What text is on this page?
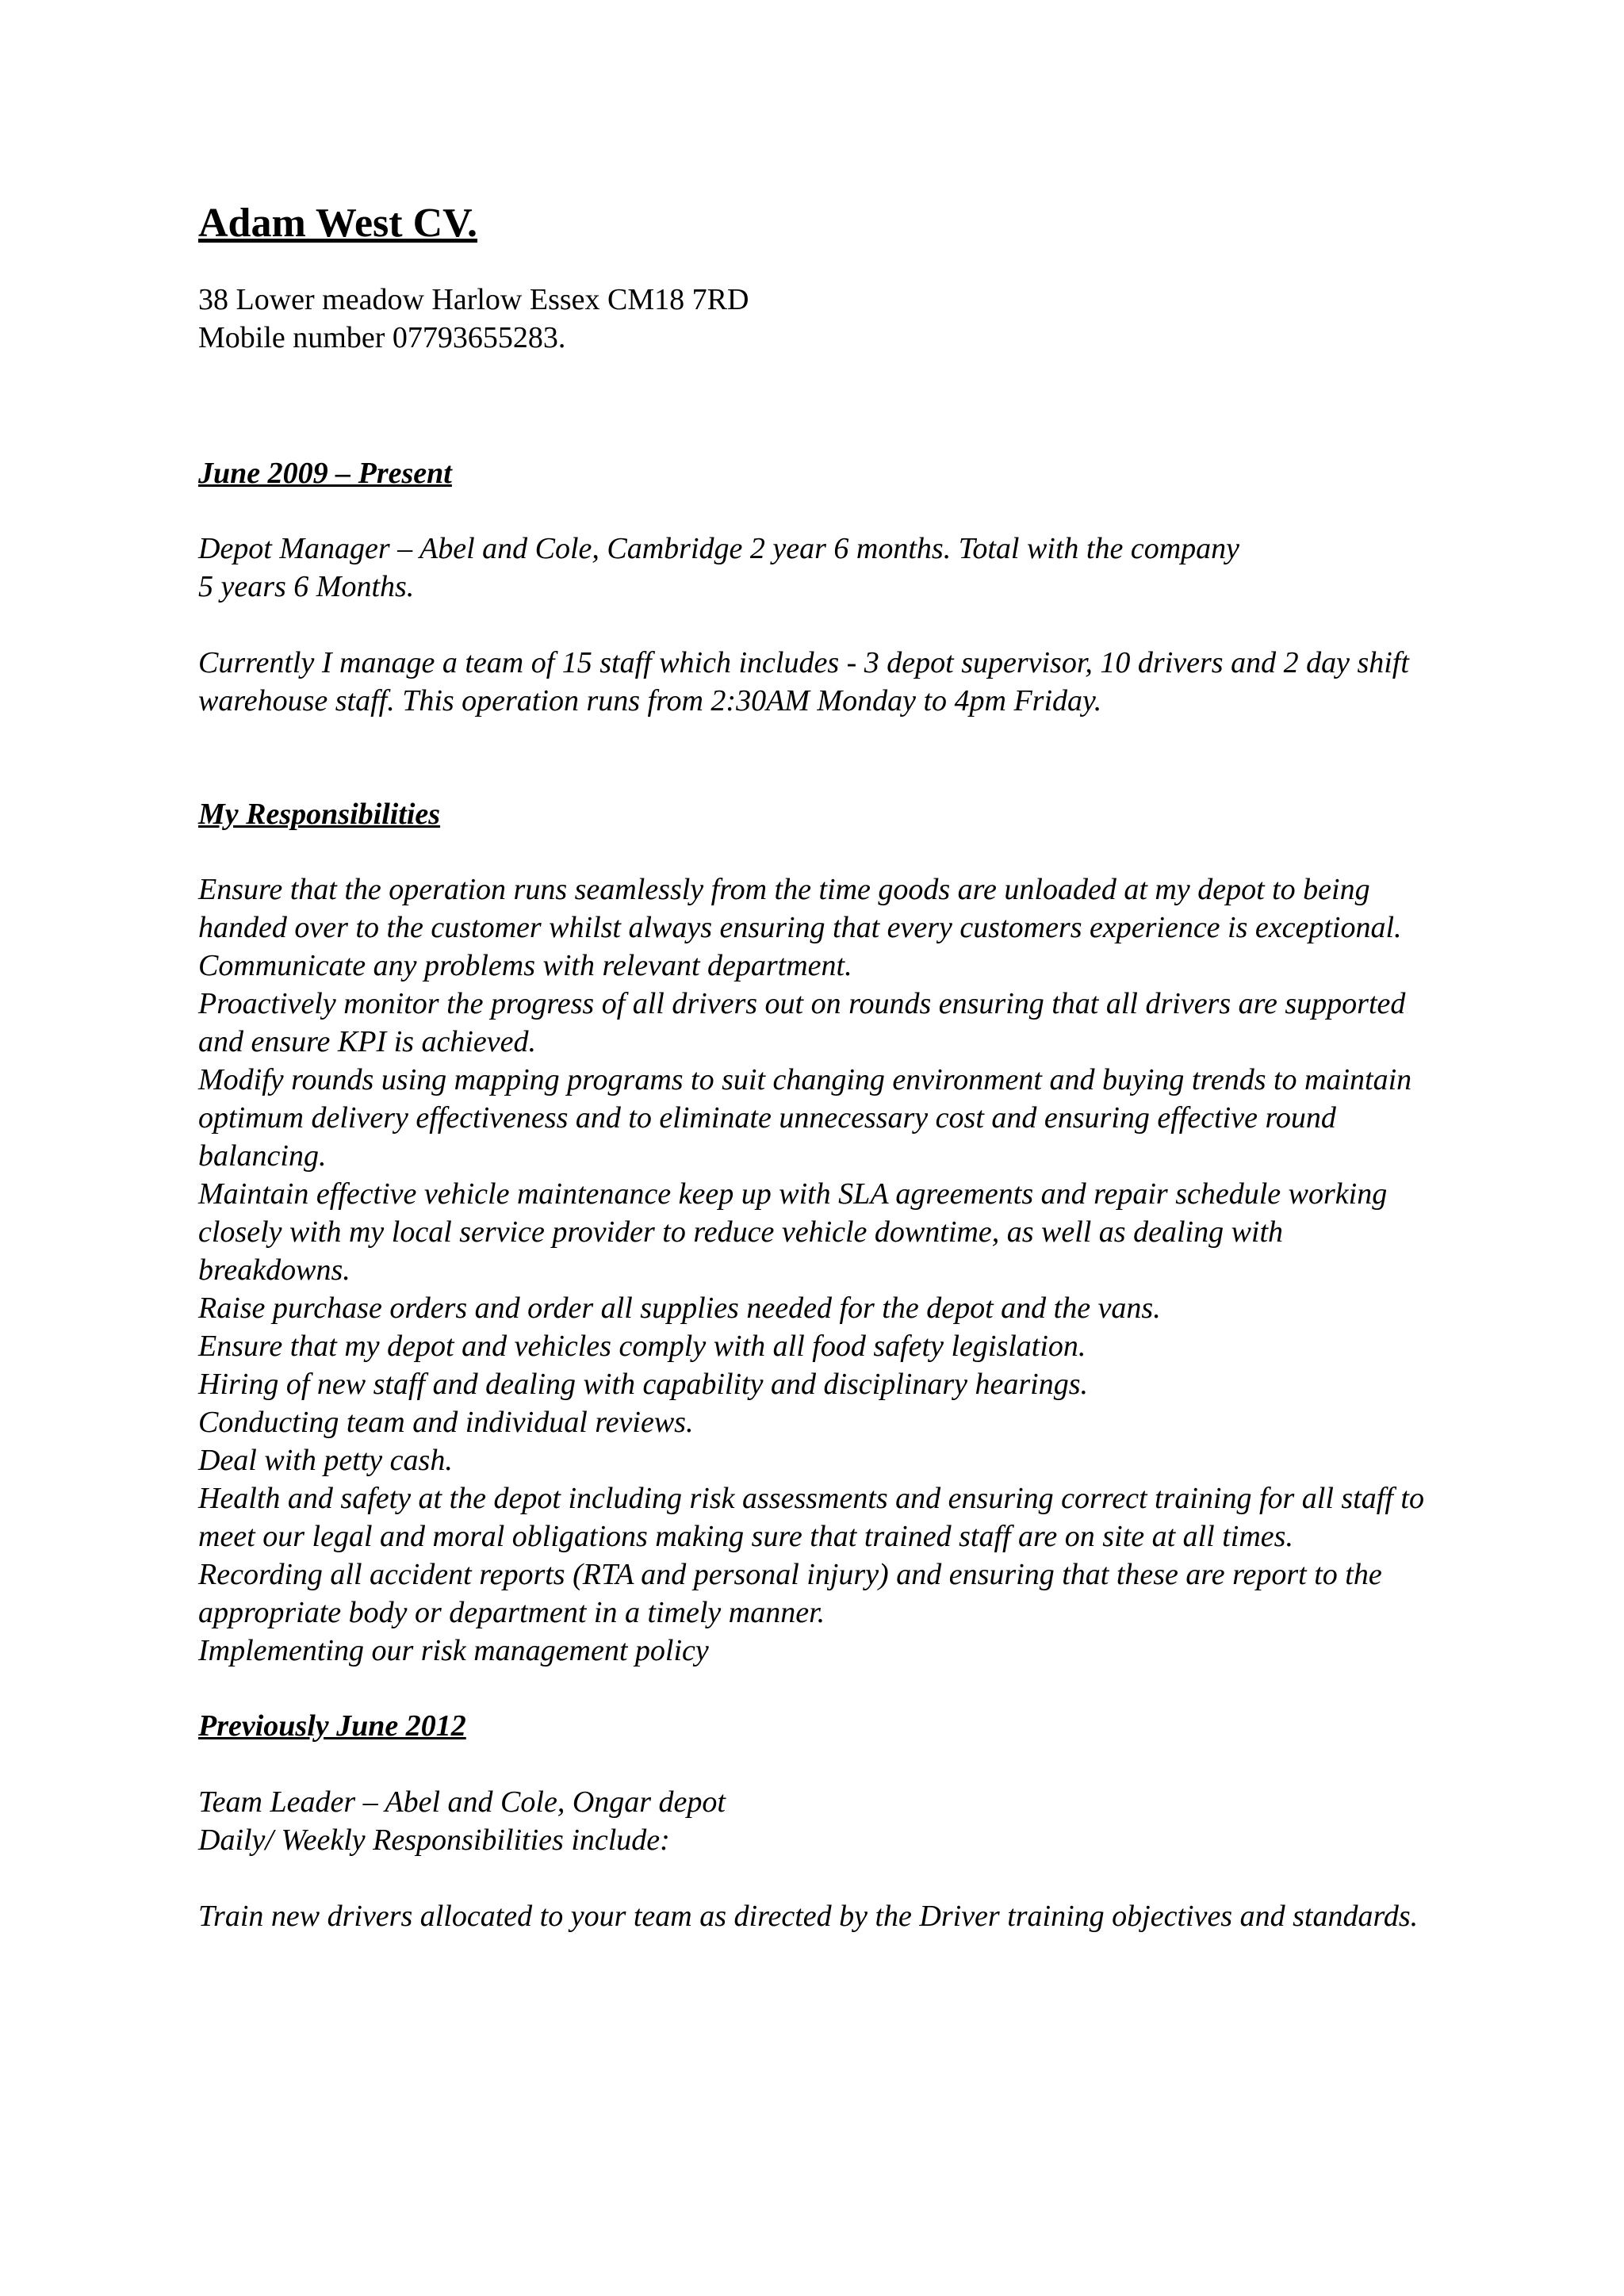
Adam West CV.
38 Lower meadow Harlow Essex CM18 7RD
Mobile number 07793655283.
June 2009 – Present

Depot Manager – Abel and Cole, Cambridge 2 year 6 months. Total with the company
5 years 6 Months.

Currently I manage a team of 15 staff which includes - 3 depot supervisor, 10 drivers and 2 day shift warehouse staff. This operation runs from 2:30AM Monday to 4pm Friday.

My Responsibilities

Ensure that the operation runs seamlessly from the time goods are unloaded at my depot to being handed over to the customer whilst always ensuring that every customers experience is exceptional.

Communicate any problems with relevant department.

Proactively monitor the progress of all drivers out on rounds ensuring that all drivers are supported and ensure KPI is achieved.

Modify rounds using mapping programs to suit changing environment and buying trends to maintain optimum delivery effectiveness and to eliminate unnecessary cost and ensuring effective round balancing.

Maintain effective vehicle maintenance keep up with SLA agreements and repair schedule working closely with my local service provider to reduce vehicle downtime, as well as dealing with breakdowns.

Raise purchase orders and order all supplies needed for the depot and the vans.

Ensure that my depot and vehicles comply with all food safety legislation.

Hiring of new staff and dealing with capability and disciplinary hearings.

Conducting team and individual reviews.

Deal with petty cash.

Health and safety at the depot including risk assessments and ensuring correct training for all staff to meet our legal and moral obligations making sure that trained staff are on site at all times.

Recording all accident reports (RTA and personal injury) and ensuring that these are report to the appropriate body or department in a timely manner.

Implementing our risk management policy

Previously June 2012

Team Leader – Abel and Cole, Ongar depot
Daily/ Weekly Responsibilities include:

Train new drivers allocated to your team as directed by the Driver training objectives and standards.
